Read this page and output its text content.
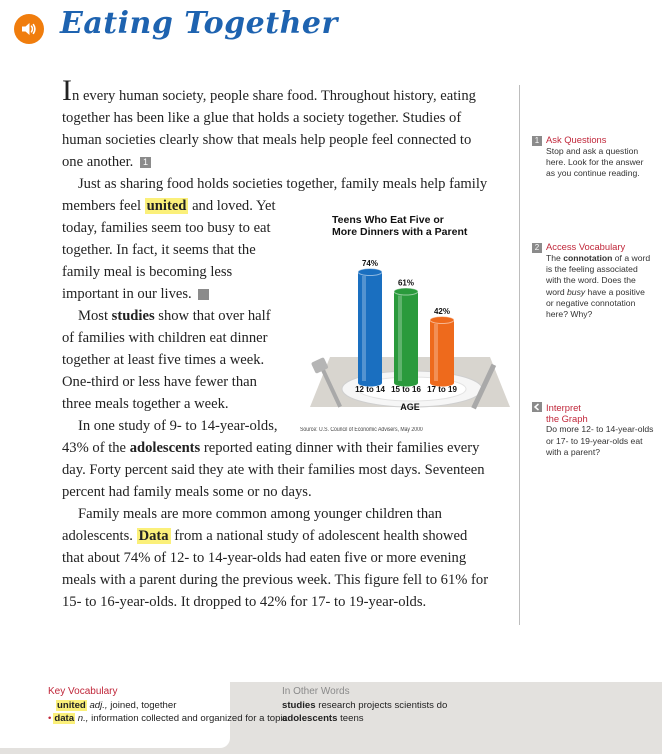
Eating Together
Teens Who Eat Five or
More Dinners with a Parent
74%
61%
42%
12 to 14 15 to 16 17 to 19
AGE
Source: U.S. Council of Economic Advisers, May 2000

In every human society, people share food. Throughout history, eating together has been like a glue that holds a society together. Studies of human societies clearly show that meals help people feel connected to one another. 1

Just as sharing food holds societies together, family meals help family members feel
united and loved. Yet today, families seem too busy to eat together. In fact, it seems that the family meal is becoming less important in our lives.	2

Most studies show that over half of families with children eat dinner together at least five times a week. One-third or less have fewer than three meals together a week.

In one study of 9- to 14-year-olds, 43% of the adolescents reported eating dinner with their families every day. Forty percent said they ate with their families most days. Seventeen percent had family meals some or no days.

Family meals are more common among younger children than adolescents. Data from a national study of adolescent health showed that about 74% of 12- to 14-year-olds had eaten five or more evening meals with a parent during the previous week. This figure fell to 61% for 15- to 16-year-olds. It dropped to 42% for 17- to 19-year-olds.

1 Ask Questions
Stop and ask a question here. Look for the answer as you continue reading.
2 Access Vocabulary
The connotation of a word is the feeling associated with the word. Does the word busy have a positive or negative connotation here? Why?
Interpret
the Graph
Do more 12- to 14-year-olds or 17- to 19-year-olds eat with a parent?
Key Vocabulary
united adj., joined, together
• data n., information collected and organized for a topic
In Other Words
studies research projects scientists do
adolescents teens
